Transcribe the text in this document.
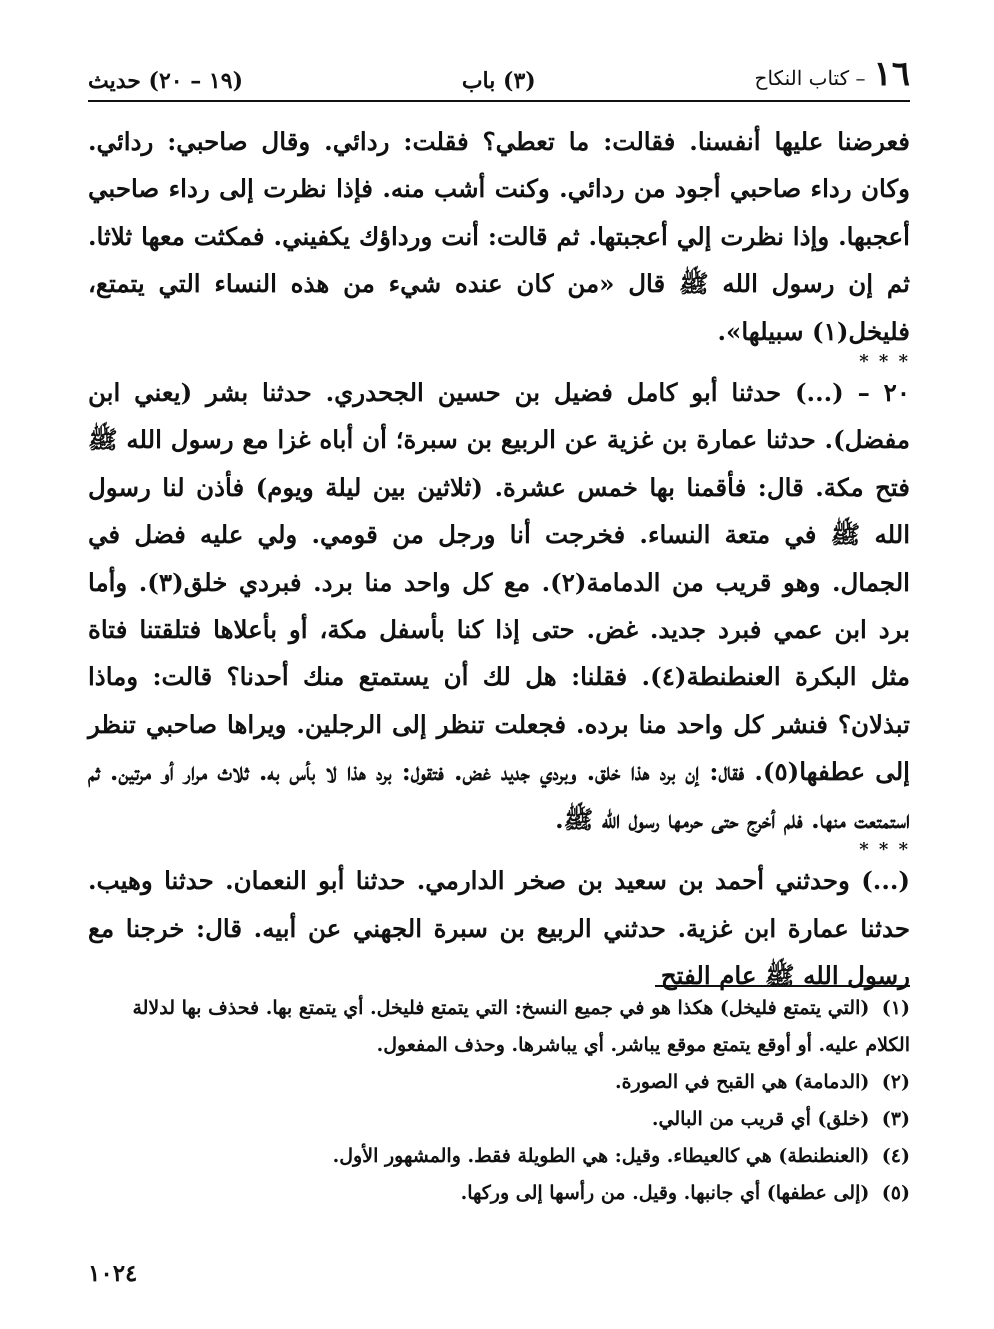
١٦
– كتاب النكاح
(٣) باب
(١٩ – ٢٠) حديث

فعرضنا عليها أنفسنا. فقالت: ما تعطي؟ فقلت: ردائي. وقال صاحبي: ردائي. وكان رداء صاحبي أجود من ردائي. وكنت أشب منه. فإذا نظرت إلى رداء صاحبي أعجبها. وإذا نظرت إلي أعجبتها. ثم قالت: أنت ورداؤك يكفيني. فمكثت معها ثلاثا. ثم إن رسول الله ﷺ قال «من كان عنده شيء من هذه النساء التي يتمتع، فليخل(١) سبيلها».

* * *

٢٠ – (...) حدثنا أبو كامل فضيل بن حسين الجحدري. حدثنا بشر (يعني ابن مفضل). حدثنا عمارة بن غزية عن الربيع بن سبرة؛ أن أباه غزا مع رسول الله ﷺ فتح مكة. قال: فأقمنا بها خمس عشرة. (ثلاثين بين ليلة ويوم) فأذن لنا رسول الله ﷺ في متعة النساء. فخرجت أنا ورجل من قومي. ولي عليه فضل في الجمال. وهو قريب من الدمامة(٢). مع كل واحد منا برد. فبردي خلق(٣). وأما برد ابن عمي فبرد جديد. غض. حتى إذا كنا بأسفل مكة، أو بأعلاها فتلقتنا فتاة مثل البكرة العنطنطة(٤). فقلنا: هل لك أن يستمتع منك أحدنا؟ قالت: وماذا تبذلان؟ فنشر كل واحد منا برده. فجعلت تنظر إلى الرجلين. ويراها صاحبي تنظر إلى عطفها(٥). فقال: إن برد هذا خلق. وبردي جديد غض. فتقول: برد هذا لا بأس به. ثلاث مرار أو مرتين. ثم استمتعت منها. فلم أخرج حتى حرمها رسول الله ﷺ.

* * *

(...) وحدثني أحمد بن سعيد بن صخر الدارمي. حدثنا أبو النعمان. حدثنا وهيب. حدثنا عمارة ابن غزية. حدثني الربيع بن سبرة الجهني عن أبيه. قال: خرجنا مع رسول الله ﷺ عام الفتح

(١) (التي يتمتع فليخل) هكذا هو في جميع النسخ: التي يتمتع فليخل. أي يتمتع بها. فحذف بها لدلالة الكلام عليه. أو أوقع يتمتع موقع يباشر. أي يباشرها. وحذف المفعول.

(٢) (الدمامة) هي القبح في الصورة.

(٣) (خلق) أي قريب من البالي.

(٤) (العنطنطة) هي كالعيطاء. وقيل: هي الطويلة فقط. والمشهور الأول.

(٥) (إلى عطفها) أي جانبها. وقيل. من رأسها إلى وركها.

١٠٢٤
